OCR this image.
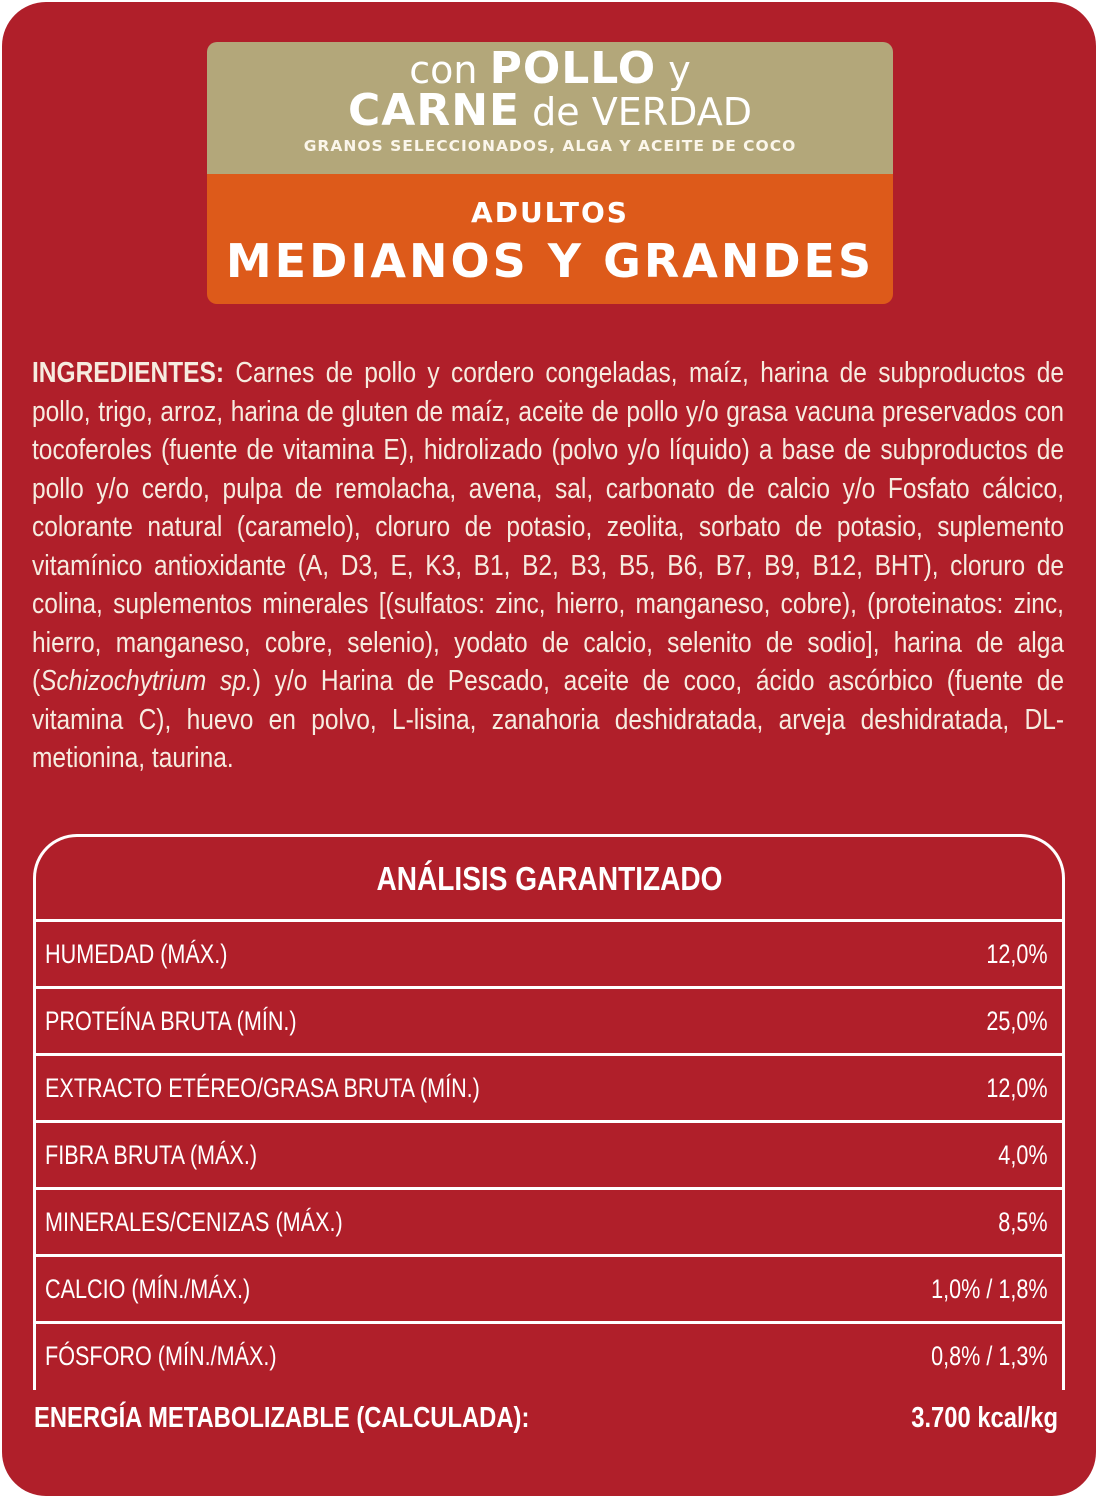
con POLLO y
CARNE de VERDAD
GRANOS SELECCIONADOS, ALGA Y ACEITE DE COCO
ADULTOS
MEDIANOS Y GRANDES
INGREDIENTES: Carnes de pollo y cordero congeladas, maíz, harina de subproductos de pollo, trigo, arroz, harina de gluten de maíz, aceite de pollo y/o grasa vacuna preservados con tocoferoles (fuente de vitamina E), hidrolizado (polvo y/o líquido) a base de subproductos de pollo y/o cerdo, pulpa de remolacha, avena, sal, carbonato de calcio y/o Fosfato cálcico, colorante natural (caramelo), cloruro de potasio, zeolita, sorbato de potasio, suplemento vitamínico antioxidante (A, D3, E, K3, B1, B2, B3, B5, B6, B7, B9, B12, BHT), cloruro de colina, suplementos minerales [(sulfatos: zinc, hierro, manganeso, cobre), (proteinatos: zinc, hierro, manganeso, cobre, selenio), yodato de calcio, selenito de sodio], harina de alga (Schizochytrium sp.) y/o Harina de Pescado, aceite de coco, ácido ascórbico (fuente de vitamina C), huevo en polvo, L-lisina, zanahoria deshidratada, arveja deshidratada, DL-metionina, taurina.
ANÁLISIS GARANTIZADO
HUMEDAD (MÁX.)	12,0%
PROTEÍNA BRUTA (MÍN.)	25,0%
EXTRACTO ETÉREO/GRASA BRUTA (MÍN.)	12,0%
FIBRA BRUTA (MÁX.)	4,0%
MINERALES/CENIZAS (MÁX.)	8,5%
CALCIO (MÍN./MÁX.)	1,0% / 1,8%
FÓSFORO (MÍN./MÁX.)	0,8% / 1,3%
ENERGÍA METABOLIZABLE (CALCULADA):	3.700 kcal/kg
